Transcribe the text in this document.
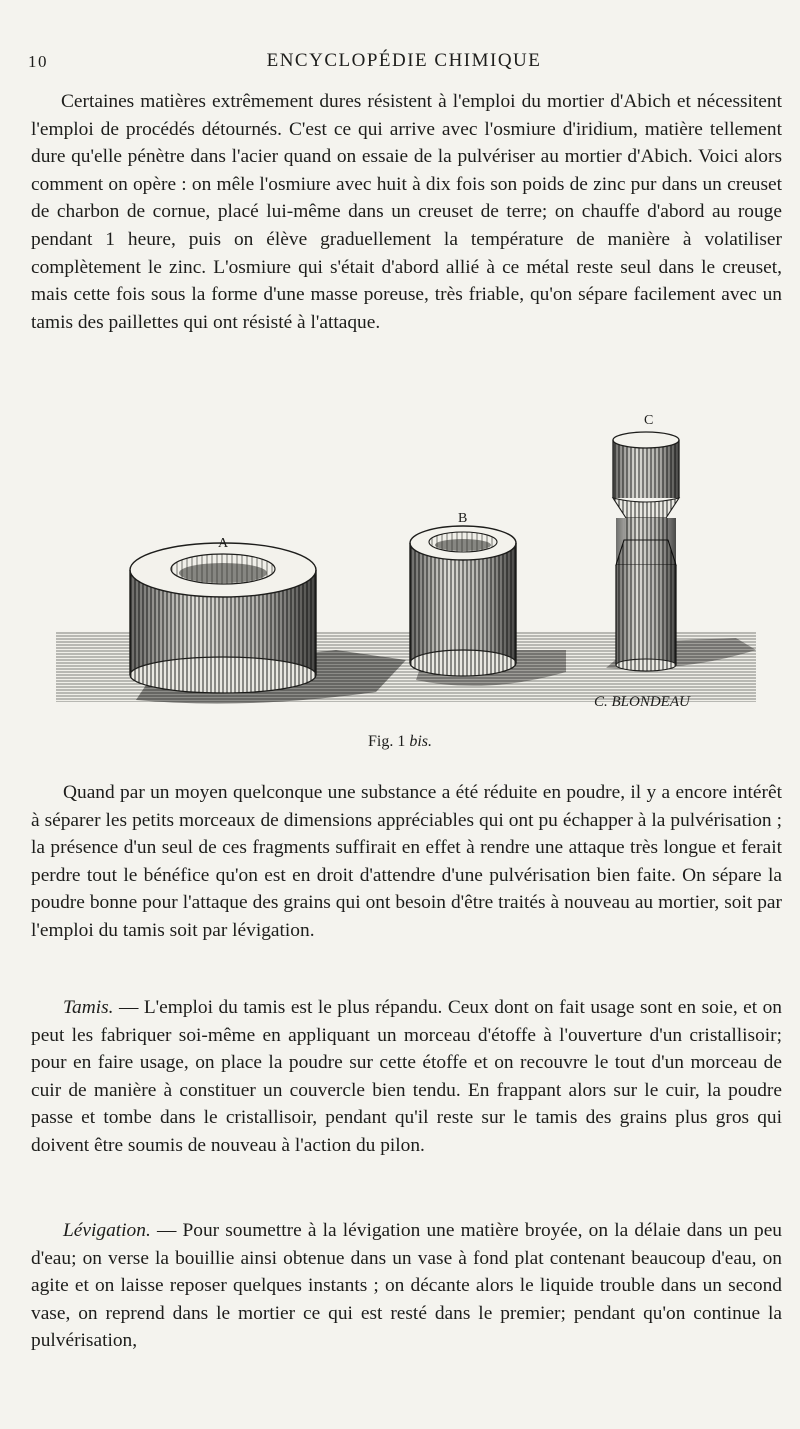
10	ENCYCLOPÉDIE CHIMIQUE

Certaines matières extrêmement dures résistent à l'emploi du mortier d'Abich et nécessitent l'emploi de procédés détournés. C'est ce qui arrive avec l'osmiure d'iridium, matière tellement dure qu'elle pénètre dans l'acier quand on essaie de la pulvériser au mortier d'Abich. Voici alors comment on opère : on mêle l'osmiure avec huit à dix fois son poids de zinc pur dans un creuset de charbon de cornue, placé lui-même dans un creuset de terre; on chauffe d'abord au rouge pendant 1 heure, puis on élève graduellement la température de manière à volatiliser complètement le zinc. L'osmiure qui s'était d'abord allié à ce métal reste seul dans le creuset, mais cette fois sous la forme d'une masse poreuse, très friable, qu'on sépare facilement avec un tamis des paillettes qui ont résisté à l'attaque.

A
B
C
C. BLONDEAU
Fig. 1 bis.

Quand par un moyen quelconque une substance a été réduite en poudre, il y a encore intérêt à séparer les petits morceaux de dimensions appréciables qui ont pu échapper à la pulvérisation ; la présence d'un seul de ces fragments suffirait en effet à rendre une attaque très longue et ferait perdre tout le bénéfice qu'on est en droit d'attendre d'une pulvérisation bien faite. On sépare la poudre bonne pour l'attaque des grains qui ont besoin d'être traités à nouveau au mortier, soit par l'emploi du tamis soit par lévigation.

Tamis. — L'emploi du tamis est le plus répandu. Ceux dont on fait usage sont en soie, et on peut les fabriquer soi-même en appliquant un morceau d'étoffe à l'ouverture d'un cristallisoir; pour en faire usage, on place la poudre sur cette étoffe et on recouvre le tout d'un morceau de cuir de manière à constituer un couvercle bien tendu. En frappant alors sur le cuir, la poudre passe et tombe dans le cristallisoir, pendant qu'il reste sur le tamis des grains plus gros qui doivent être soumis de nouveau à l'action du pilon.

Lévigation. — Pour soumettre à la lévigation une matière broyée, on la délaie dans un peu d'eau; on verse la bouillie ainsi obtenue dans un vase à fond plat contenant beaucoup d'eau, on agite et on laisse reposer quelques instants ; on décante alors le liquide trouble dans un second vase, on reprend dans le mortier ce qui est resté dans le premier; pendant qu'on continue la pulvérisation,
